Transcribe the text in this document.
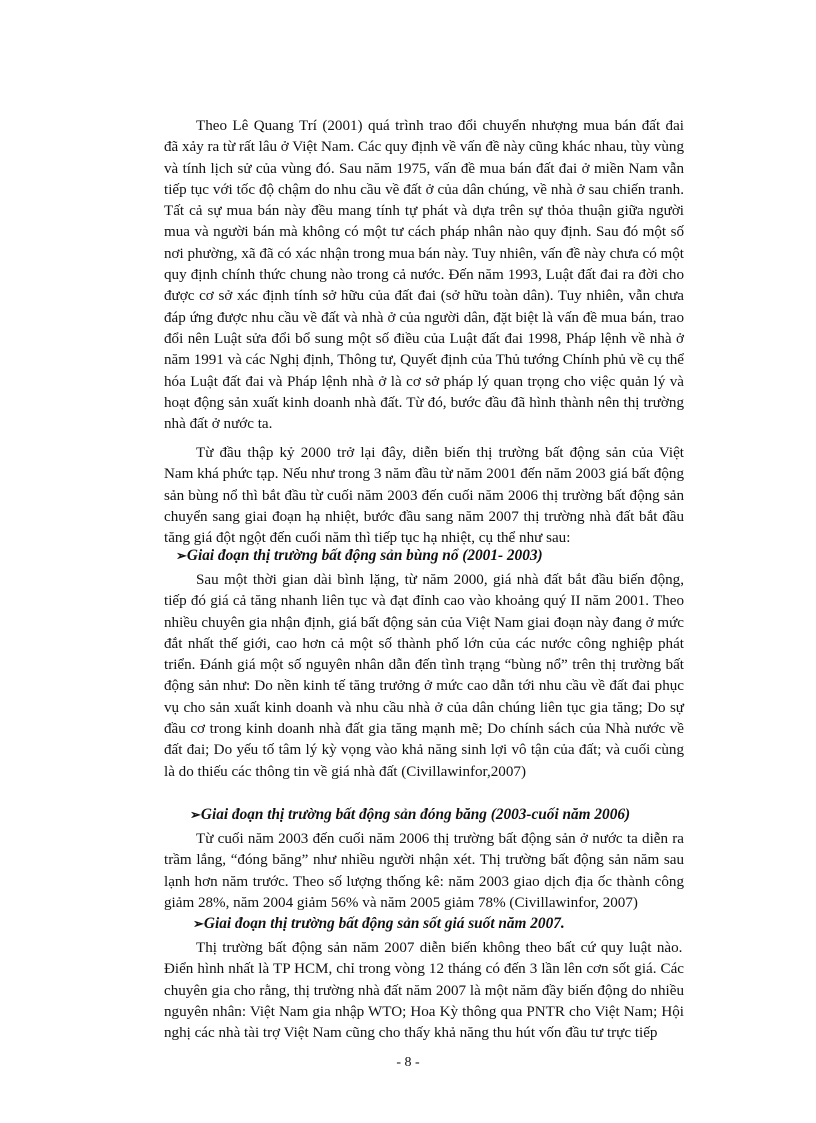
Theo Lê Quang Trí (2001) quá trình trao đổi chuyển nhượng mua bán đất đai
đã xảy ra từ rất lâu ở Việt Nam. Các quy định về vấn đề này cũng khác nhau, tùy vùng
và tính lịch sử của vùng đó. Sau năm 1975, vấn đề mua bán đất đai ở miền Nam vẫn
tiếp tục với tốc độ chậm do nhu cầu về đất ở của dân chúng, về nhà ở sau chiến tranh.
Tất cả sự mua bán này đều mang tính tự phát và dựa trên sự thỏa thuận giữa người
mua và người bán mà không có một tư cách pháp nhân nào quy định. Sau đó một số
nơi phường, xã đã có xác nhận trong mua bán này. Tuy nhiên, vấn đề này chưa có một
quy định chính thức chung nào trong cả nước. Đến năm 1993, Luật đất đai ra đời cho
được cơ sở xác định tính sở hữu của đất đai (sở hữu toàn dân). Tuy nhiên, vẫn chưa
đáp ứng được nhu cầu về đất và nhà ở của người dân, đặt biệt là vấn đề mua bán, trao
đổi nên Luật sửa đổi bổ sung một số điều của Luật đất đai 1998, Pháp lệnh về nhà ở
năm 1991 và các Nghị định, Thông tư, Quyết định của Thủ tướng Chính phủ về cụ thể
hóa Luật đất đai và Pháp lệnh nhà ở là cơ sở pháp lý quan trọng cho việc quản lý và
hoạt động sản xuất kinh doanh nhà đất. Từ đó, bước đầu đã hình thành nên thị trường
nhà đất ở nước ta.
Từ đầu thập kỷ 2000 trở lại đây, diễn biến thị trường bất động sản của Việt
Nam khá phức tạp. Nếu như trong 3 năm đầu từ năm 2001 đến năm 2003 giá bất động
sản bùng nổ thì bắt đầu từ cuối năm 2003 đến cuối năm 2006 thị trường bất động sản
chuyển sang giai đoạn hạ nhiệt, bước đầu sang năm 2007 thị trường nhà đất bắt đầu
tăng giá đột ngột đến cuối năm thì tiếp tục hạ nhiệt, cụ thể như sau:
➢Giai đoạn thị trường bất động sản bùng nổ (2001- 2003)
Sau một thời gian dài bình lặng, từ năm 2000, giá nhà đất bắt đầu biến động,
tiếp đó giá cả tăng nhanh liên tục và đạt đỉnh cao vào khoảng quý II năm 2001. Theo
nhiều chuyên gia nhận định, giá bất động sản của Việt Nam giai đoạn này đang ở mức
đắt nhất thế giới, cao hơn cả một số thành phố lớn của các nước công nghiệp phát
triển. Đánh giá một số nguyên nhân dẫn đến tình trạng “bùng nổ” trên thị trường bất
động sản như: Do nền kinh tế tăng trưởng ở mức cao dẫn tới nhu cầu về đất đai phục
vụ cho sản xuất kinh doanh và nhu cầu nhà ở của dân chúng liên tục gia tăng; Do sự
đầu cơ trong kinh doanh nhà đất gia tăng mạnh mẽ; Do chính sách của Nhà nước về
đất đai; Do yếu tố tâm lý kỳ vọng vào khả năng sinh lợi vô tận của đất; và cuối cùng
là do thiếu các thông tin về giá nhà đất (Civillawinfor,2007)
➢Giai đoạn thị trường bất động sản đóng băng (2003-cuối năm 2006)
Từ cuối năm 2003 đến cuối năm 2006 thị trường bất động sản ở nước ta diễn ra
trầm lắng, “đóng băng” như nhiều người nhận xét. Thị trường bất động sản năm sau
lạnh hơn năm trước. Theo số lượng thống kê: năm 2003 giao dịch địa ốc thành công
giảm 28%, năm 2004 giảm 56% và năm 2005 giảm 78% (Civillawinfor, 2007)
➢Giai đoạn thị trường bất động sản sốt giá suốt năm 2007.
Thị trường bất động sản năm 2007 diễn biến không theo bất cứ quy luật nào.
Điển hình nhất là TP HCM, chỉ trong vòng 12 tháng có đến 3 lần lên cơn sốt giá. Các
chuyên gia cho rằng, thị trường nhà đất năm 2007 là một năm đầy biến động do nhiều
nguyên nhân: Việt Nam gia nhập WTO; Hoa Kỳ thông qua PNTR cho Việt Nam; Hội
nghị các nhà tài trợ Việt Nam cũng cho thấy khả năng thu hút vốn đầu tư trực tiếp
- 8 -
